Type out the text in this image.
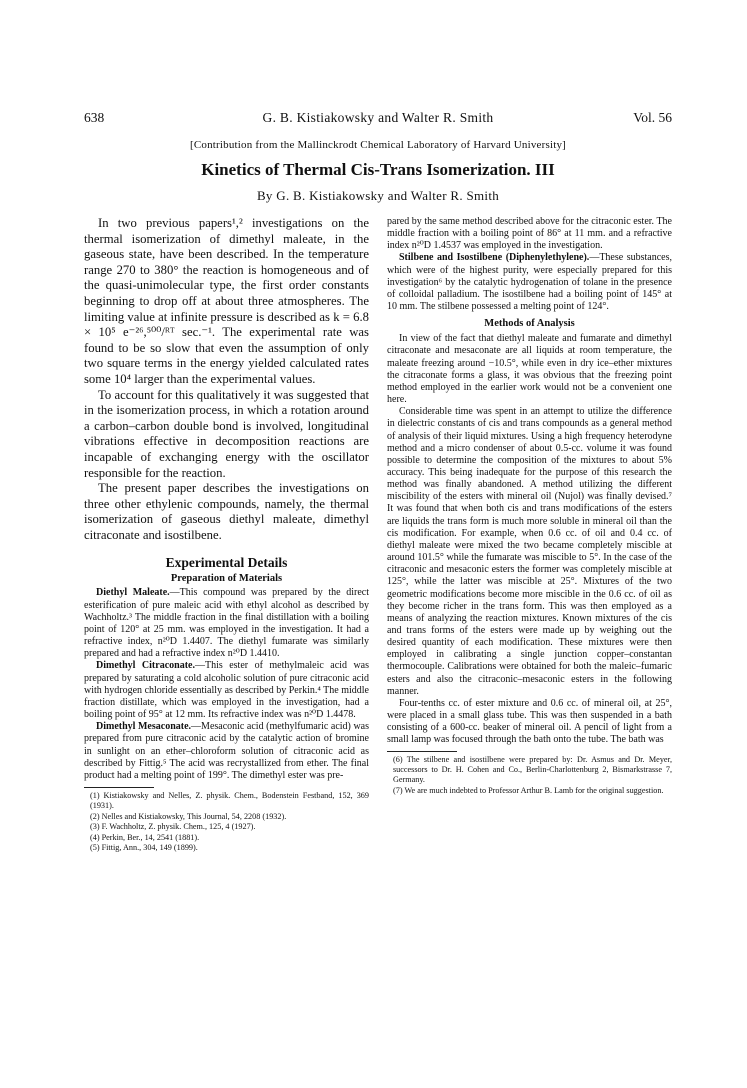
638	G. B. Kistiakowsky and Walter R. Smith	Vol. 56
[Contribution from the Mallinckrodt Chemical Laboratory of Harvard University]
Kinetics of Thermal Cis-Trans Isomerization. III
By G. B. Kistiakowsky and Walter R. Smith

In two previous papers¹,² investigations on the thermal isomerization of dimethyl maleate, in the gaseous state, have been described. In the temperature range 270 to 380° the reaction is homogeneous and of the quasi-unimolecular type, the first order constants beginning to drop off at about three atmospheres. The limiting value at infinite pressure is described as k = 6.8 × 10⁵ e⁻²⁶,⁵⁰⁰/ᴿᵀ sec.⁻¹. The experimental rate was found to be so slow that even the assumption of only two square terms in the energy yielded calculated rates some 10⁴ larger than the experimental values.

To account for this qualitatively it was suggested that in the isomerization process, in which a rotation around a carbon–carbon double bond is involved, longitudinal vibrations effective in decomposition reactions are incapable of exchanging energy with the oscillator responsible for the reaction.

The present paper describes the investigations on three other ethylenic compounds, namely, the thermal isomerization of gaseous diethyl maleate, dimethyl citraconate and isostilbene.

Experimental Details
Preparation of Materials

Diethyl Maleate.—This compound was prepared by the direct esterification of pure maleic acid with ethyl alcohol as described by Wachholtz.³ The middle fraction in the final distillation with a boiling point of 120° at 25 mm. was employed in the investigation. It had a refractive index, n²⁰D 1.4407. The diethyl fumarate was similarly prepared and had a refractive index n²⁰D 1.4410.

Dimethyl Citraconate.—This ester of methylmaleic acid was prepared by saturating a cold alcoholic solution of pure citraconic acid with hydrogen chloride essentially as described by Perkin.⁴ The middle fraction distillate, which was employed in the investigation, had a boiling point of 95° at 12 mm. Its refractive index was n²⁰D 1.4478.

Dimethyl Mesaconate.—Mesaconic acid (methylfumaric acid) was prepared from pure citraconic acid by the catalytic action of bromine in sunlight on an ether–chloroform solution of citraconic acid as described by Fittig.⁵ The acid was recrystallized from ether. The final product had a melting point of 199°. The dimethyl ester was pre-

(1) Kistiakowsky and Nelles, Z. physik. Chem., Bodenstein Festband, 152, 369 (1931).

(2) Nelles and Kistiakowsky, This Journal, 54, 2208 (1932).

(3) F. Wachholtz, Z. physik. Chem., 125, 4 (1927).

(4) Perkin, Ber., 14, 2541 (1881).

(5) Fittig, Ann., 304, 149 (1899).

pared by the same method described above for the citraconic ester. The middle fraction with a boiling point of 86° at 11 mm. and a refractive index n²⁰D 1.4537 was employed in the investigation.

Stilbene and Isostilbene (Diphenylethylene).—These substances, which were of the highest purity, were especially prepared for this investigation⁶ by the catalytic hydrogenation of tolane in the presence of colloidal palladium. The isostilbene had a boiling point of 145° at 10 mm. The stilbene possessed a melting point of 124°.

Methods of Analysis

In view of the fact that diethyl maleate and fumarate and dimethyl citraconate and mesaconate are all liquids at room temperature, the maleate freezing around −10.5°, while even in dry ice–ether mixtures the citraconate forms a glass, it was obvious that the freezing point method employed in the earlier work would not be a convenient one here.

Considerable time was spent in an attempt to utilize the difference in dielectric constants of cis and trans compounds as a general method of analysis of their liquid mixtures. Using a high frequency heterodyne method and a micro condenser of about 0.5-cc. volume it was found possible to determine the composition of the mixtures to about 5% accuracy. This being inadequate for the purpose of this research the method was finally abandoned. A method utilizing the different miscibility of the esters with mineral oil (Nujol) was finally devised.⁷ It was found that when both cis and trans modifications of the esters are liquids the trans form is much more soluble in mineral oil than the cis modification. For example, when 0.6 cc. of oil and 0.4 cc. of diethyl maleate were mixed the two became completely miscible at around 101.5° while the fumarate was miscible to 5°. In the case of the citraconic and mesaconic esters the former was completely miscible at 125°, while the latter was miscible at 25°. Mixtures of the two geometric modifications become more miscible in the 0.6 cc. of oil as they become richer in the trans form. This was then employed as a means of analyzing the reaction mixtures. Known mixtures of the cis and trans forms of the esters were made up by weighing out the desired quantity of each modification. These mixtures were then employed in calibrating a single junction copper–constantan thermocouple. Calibrations were obtained for both the maleic–fumaric esters and also the citraconic–mesaconic esters in the following manner.

Four-tenths cc. of ester mixture and 0.6 cc. of mineral oil, at 25°, were placed in a small glass tube. This was then suspended in a bath consisting of a 600-cc. beaker of mineral oil. A pencil of light from a small lamp was focused through the bath onto the tube. The bath was

(6) The stilbene and isostilbene were prepared by: Dr. Asmus and Dr. Meyer, successors to Dr. H. Cohen and Co., Berlin-Charlottenburg 2, Bismarkstrasse 7, Germany.

(7) We are much indebted to Professor Arthur B. Lamb for the original suggestion.
